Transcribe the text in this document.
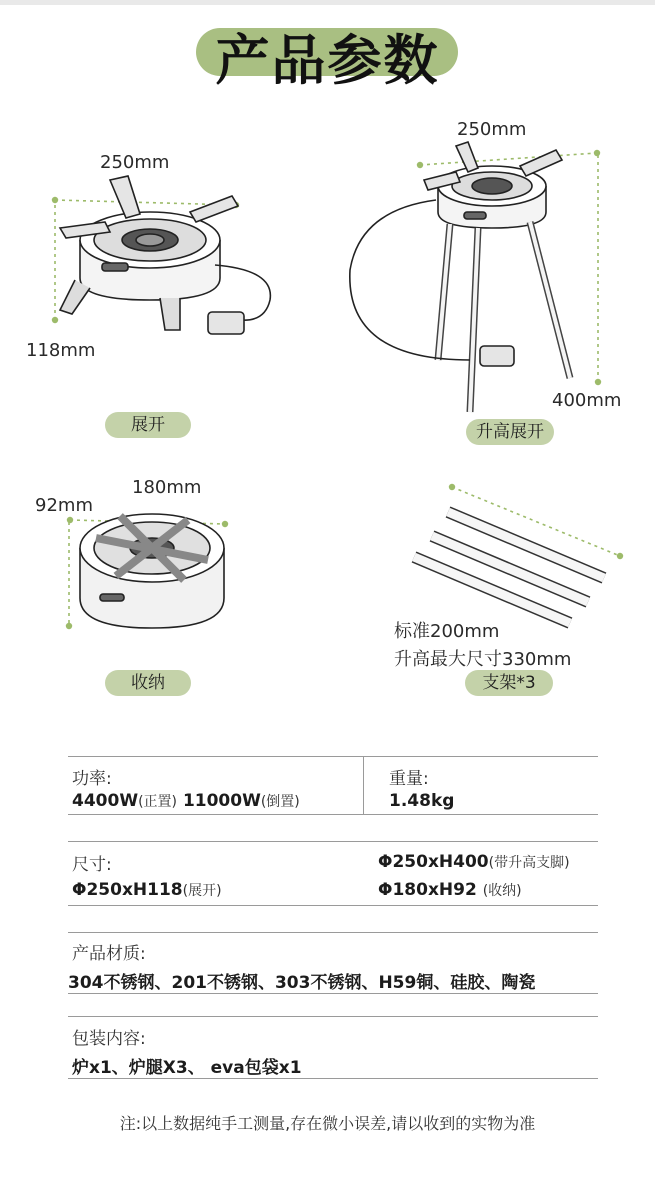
产品参数
250mm
118mm
展开
250mm
400mm
升高展开
92mm
180mm
收纳
标准200mm
升高最大尺寸330mm
支架*3
功率:
4400W(正置) 11000W(倒置)
重量:
1.48kg
尺寸:
Φ250xH118(展开)
Φ250xH400(带升高支脚)
Φ180xH92 (收纳)
产品材质:
304不锈钢、201不锈钢、303不锈钢、H59铜、硅胶、陶瓷
包装内容:
炉x1、炉腿X3、 eva包袋x1
注:以上数据纯手工测量,存在微小误差,请以收到的实物为准
